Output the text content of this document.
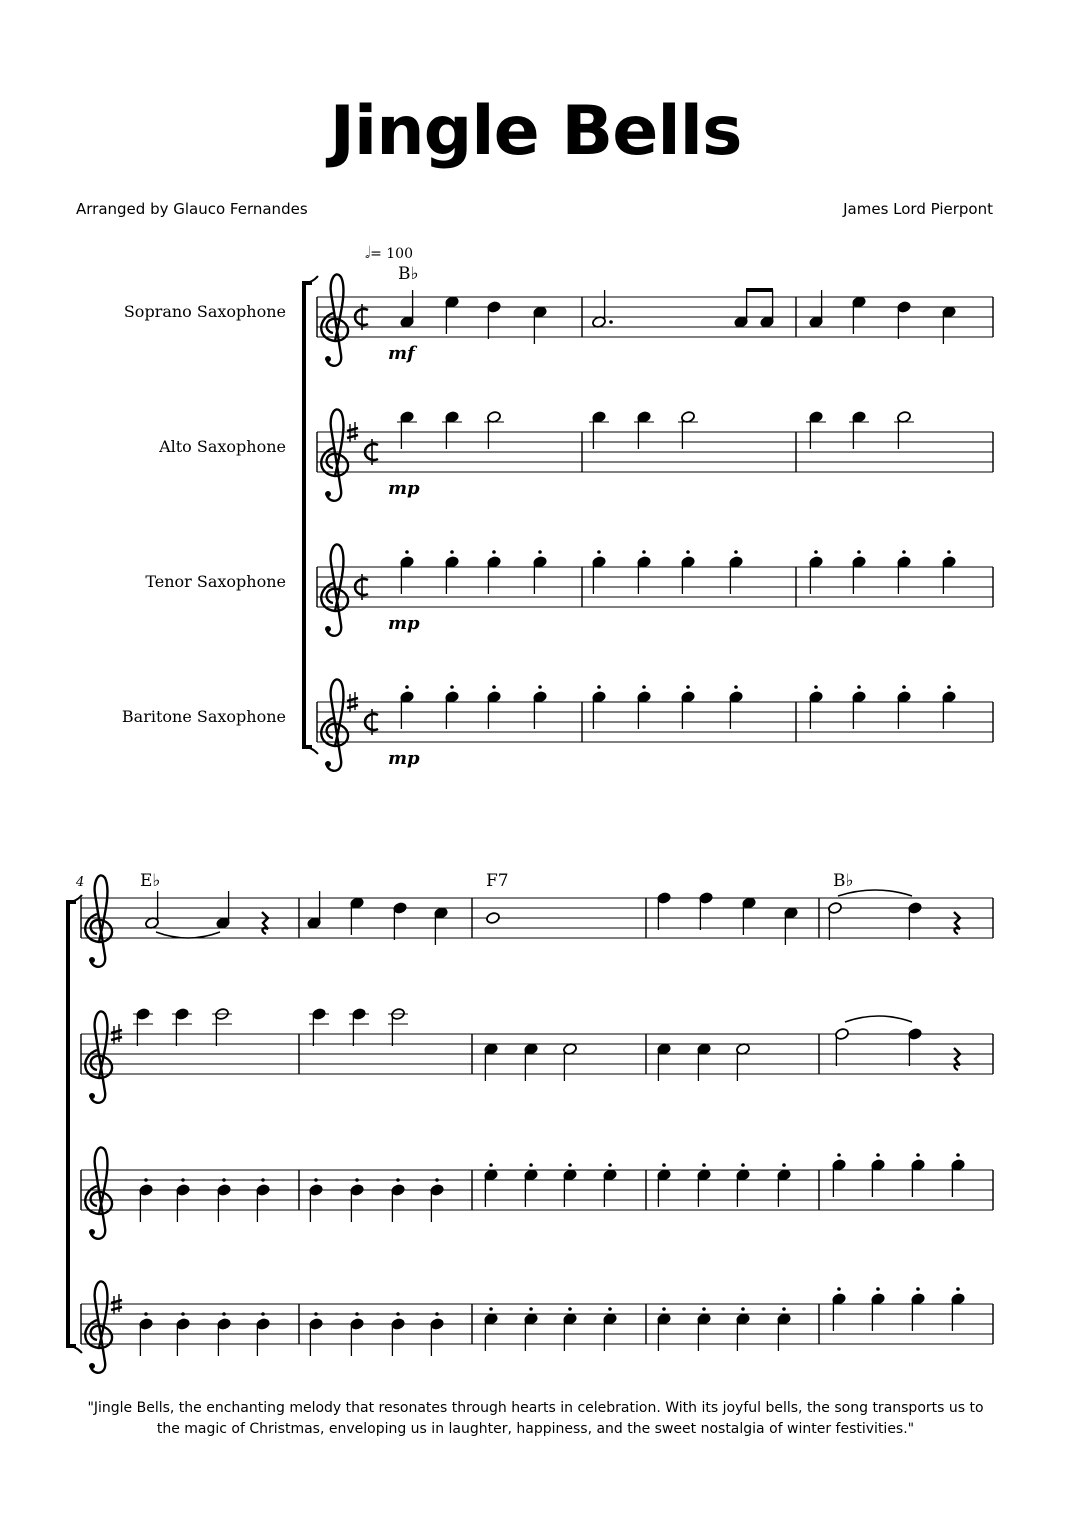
Jingle Bells
Arranged by Glauco Fernandes	James Lord Pierpont
𝅗𝅥= 100
B♭
Soprano Saxophone
Alto Saxophone
Tenor Saxophone
Baritone Saxophone
mf
mp
mp
mp
4	E♭	F7	B♭
"Jingle Bells, the enchanting melody that resonates through hearts in celebration. With its joyful bells, the song transports us to the magic of Christmas, enveloping us in laughter, happiness, and the sweet nostalgia of winter festivities."
